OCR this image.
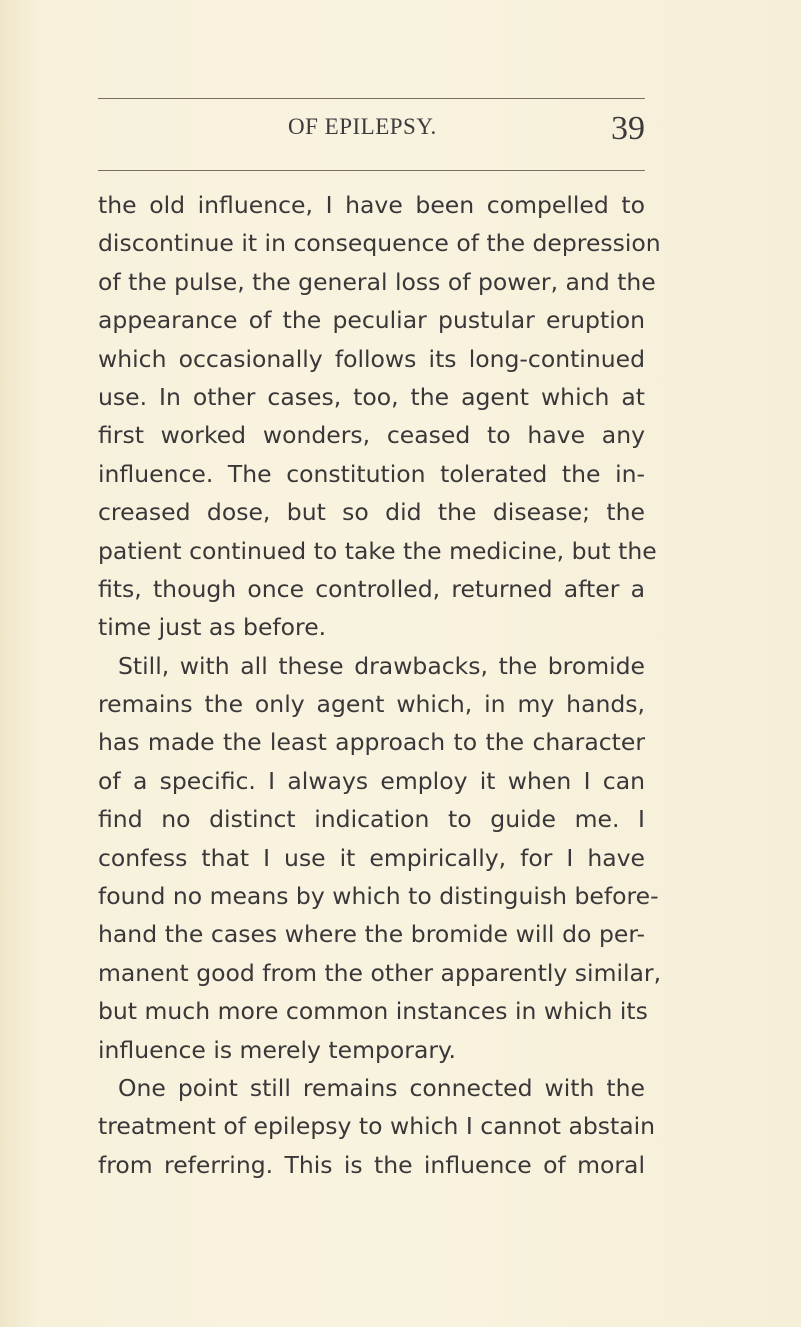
OF EPILEPSY.	39
the old influence, I have been compelled to
discontinue it in consequence of the depression
of the pulse, the general loss of power, and the
appearance of the peculiar pustular eruption
which occasionally follows its long-continued
use. In other cases, too, the agent which at
first worked wonders, ceased to have any
influence. The constitution tolerated the in-
creased dose, but so did the disease; the
patient continued to take the medicine, but the
fits, though once controlled, returned after a
time just as before.
Still, with all these drawbacks, the bromide
remains the only agent which, in my hands,
has made the least approach to the character
of a specific. I always employ it when I can
find no distinct indication to guide me. I
confess that I use it empirically, for I have
found no means by which to distinguish before-
hand the cases where the bromide will do per-
manent good from the other apparently similar,
but much more common instances in which its
influence is merely temporary.
One point still remains connected with the
treatment of epilepsy to which I cannot abstain
from referring. This is the influence of moral
